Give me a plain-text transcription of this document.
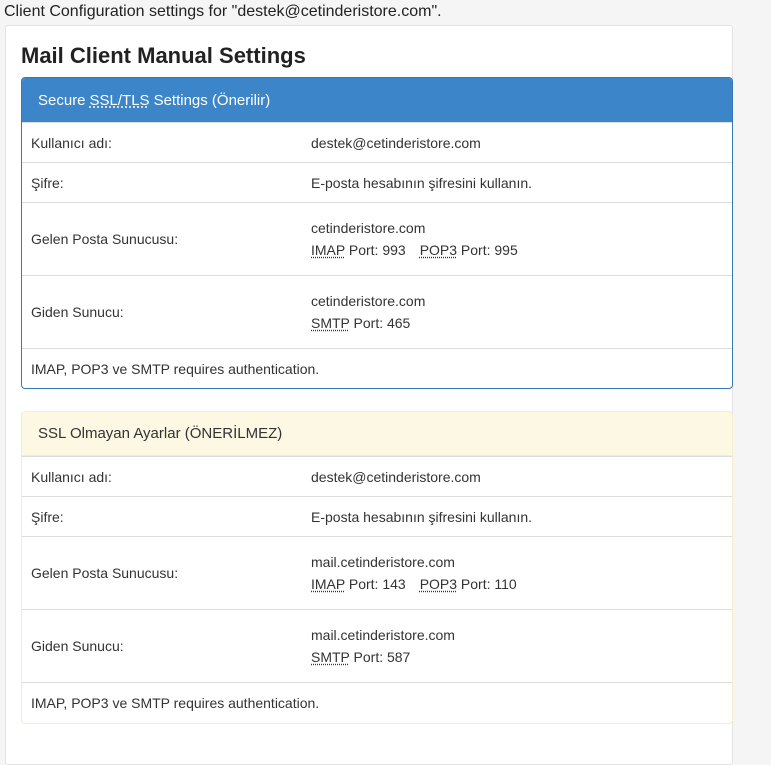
Client Configuration settings for "destek@cetinderistore.com".
Mail Client Manual Settings
Secure SSL/TLS Settings (Önerilir)
Kullanıcı adı:	destek@cetinderistore.com
Şifre:	E-posta hesabının şifresini kullanın.
Gelen Posta Sunucusu:
cetinderistore.com
IMAP Port: 993 POP3 Port: 995
Giden Sunucu:
cetinderistore.com
SMTP Port: 465
IMAP, POP3 ve SMTP requires authentication.
SSL Olmayan Ayarlar (ÖNERİLMEZ)
Kullanıcı adı:	destek@cetinderistore.com
Şifre:	E-posta hesabının şifresini kullanın.
Gelen Posta Sunucusu:
mail.cetinderistore.com
IMAP Port: 143 POP3 Port: 110
Giden Sunucu:
mail.cetinderistore.com
SMTP Port: 587
IMAP, POP3 ve SMTP requires authentication.
